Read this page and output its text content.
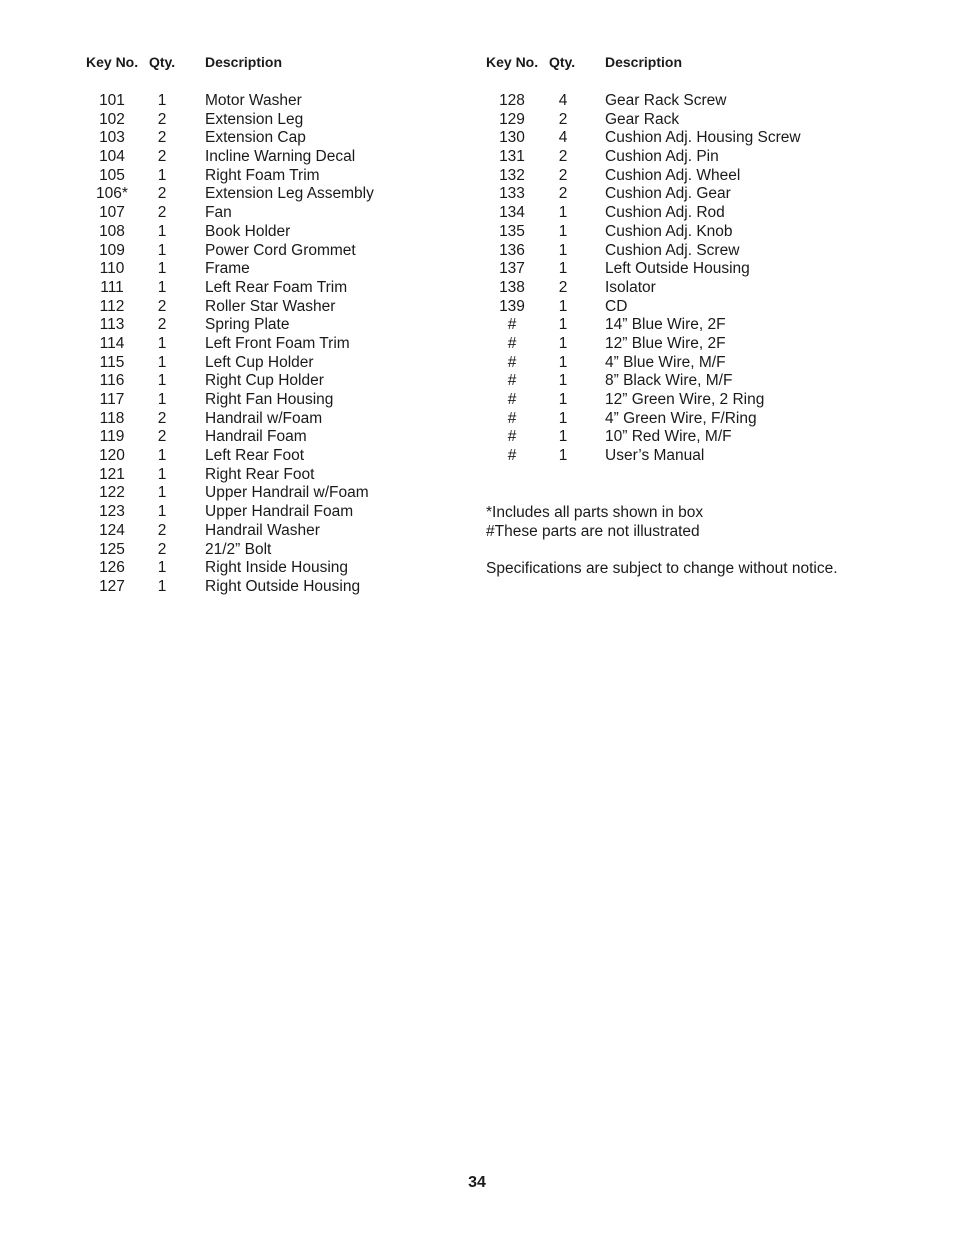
Key No. Qty. Description
101	1	Motor Washer
102	2	Extension Leg
103	2	Extension Cap
104	2	Incline Warning Decal
105	1	Right Foam Trim
106*	2	Extension Leg Assembly
107	2	Fan
108	1	Book Holder
109	1	Power Cord Grommet
110	1	Frame
111	1	Left Rear Foam Trim
112	2	Roller Star Washer
113	2	Spring Plate
114	1	Left Front Foam Trim
115	1	Left Cup Holder
116	1	Right Cup Holder
117	1	Right Fan Housing
118	2	Handrail w/Foam
119	2	Handrail Foam
120	1	Left Rear Foot
121	1	Right Rear Foot
122	1	Upper Handrail w/Foam
123	1	Upper Handrail Foam
124	2	Handrail Washer
125	2	21/2” Bolt
126	1	Right Inside Housing
127	1	Right Outside Housing
Key No. Qty. Description
128	4	Gear Rack Screw
129	2	Gear Rack
130	4	Cushion Adj. Housing Screw
131	2	Cushion Adj. Pin
132	2	Cushion Adj. Wheel
133	2	Cushion Adj. Gear
134	1	Cushion Adj. Rod
135	1	Cushion Adj. Knob
136	1	Cushion Adj. Screw
137	1	Left Outside Housing
138	2	Isolator
139	1	CD
#	1	14” Blue Wire, 2F
#	1	12” Blue Wire, 2F
#	1	4” Blue Wire, M/F
#	1	8” Black Wire, M/F
#	1	12” Green Wire, 2 Ring
#	1	4” Green Wire, F/Ring
#	1	10” Red Wire, M/F
#	1	User’s Manual
*Includes all parts shown in box
#These parts are not illustrated
Specifications are subject to change without notice.
34
